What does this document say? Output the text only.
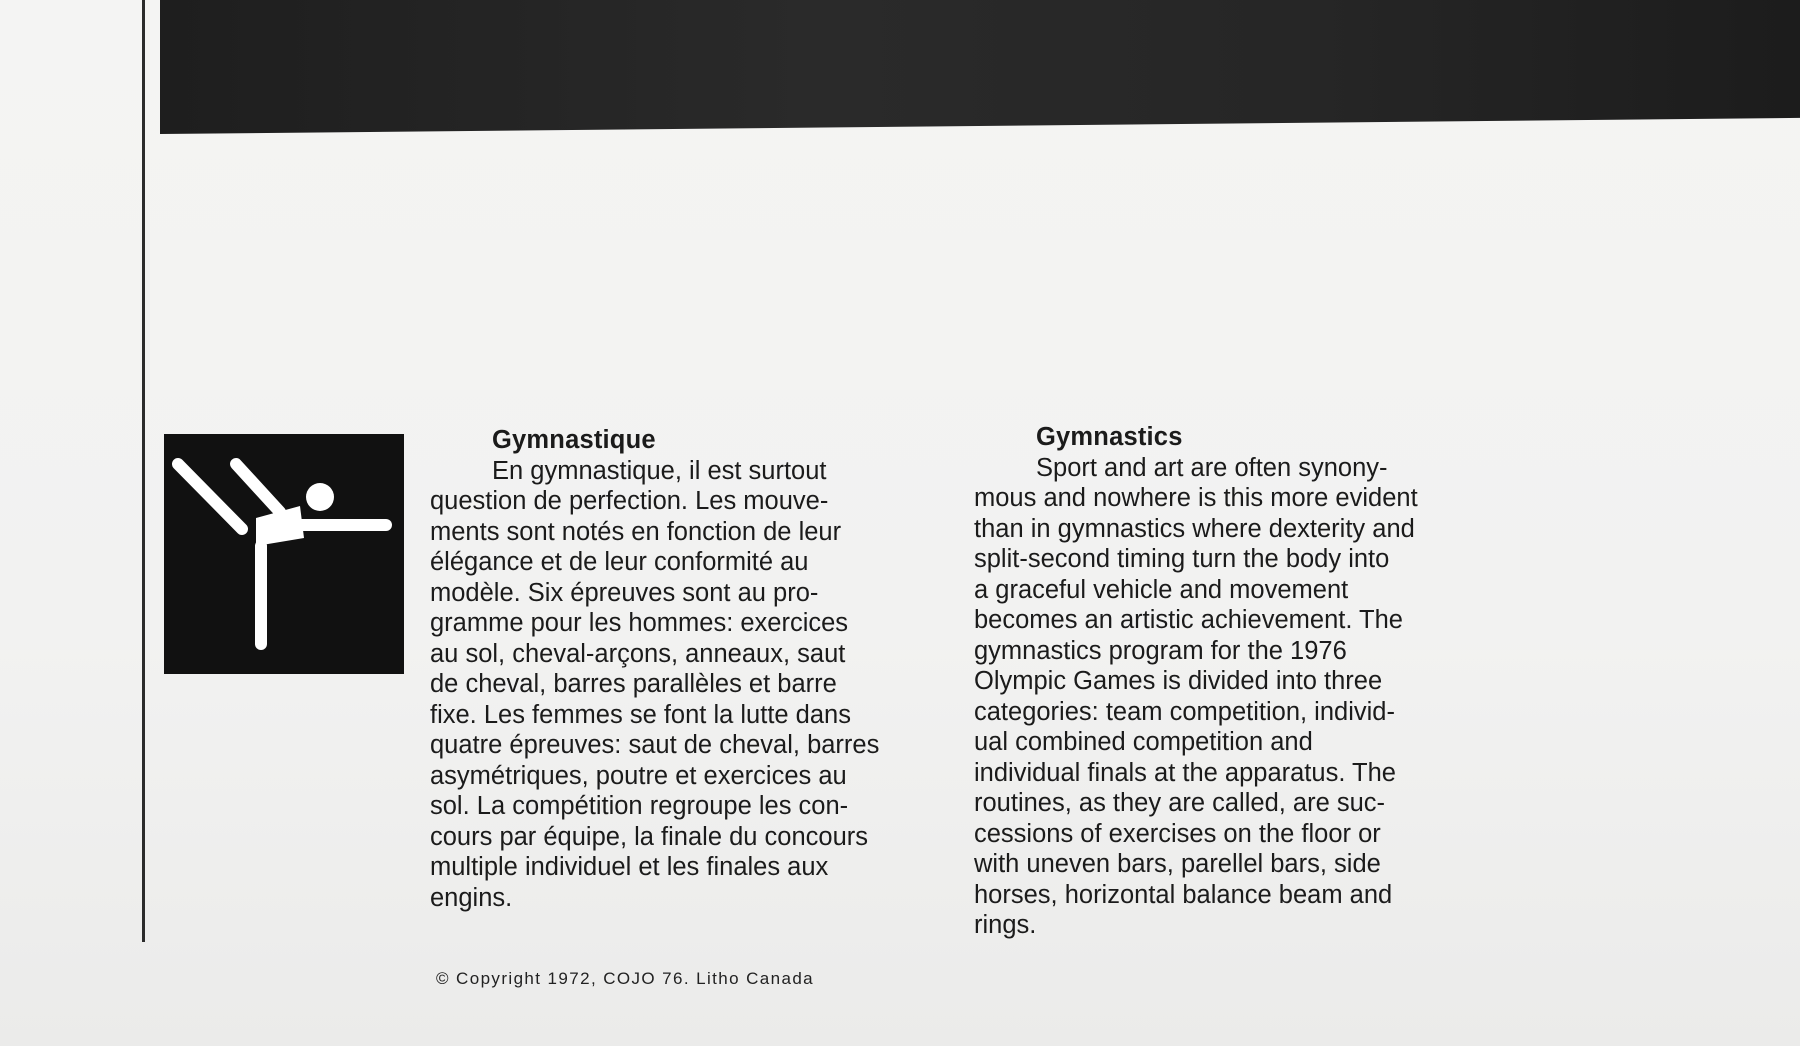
Gymnastique
En gymnastique, il est surtout
question de perfection. Les mouve-
ments sont notés en fonction de leur
élégance et de leur conformité au
modèle. Six épreuves sont au pro-
gramme pour les hommes: exercices
au sol, cheval-arçons, anneaux, saut
de cheval, barres parallèles et barre
fixe. Les femmes se font la lutte dans
quatre épreuves: saut de cheval, barres
asymétriques, poutre et exercices au
sol. La compétition regroupe les con-
cours par équipe, la finale du concours
multiple individuel et les finales aux
engins.
Gymnastics
Sport and art are often synony-
mous and nowhere is this more evident
than in gymnastics where dexterity and
split-second timing turn the body into
a graceful vehicle and movement
becomes an artistic achievement. The
gymnastics program for the 1976
Olympic Games is divided into three
categories: team competition, individ-
ual combined competition and
individual finals at the apparatus. The
routines, as they are called, are suc-
cessions of exercises on the floor or
with uneven bars, parellel bars, side
horses, horizontal balance beam and
rings.
© Copyright 1972, COJO 76. Litho Canada
